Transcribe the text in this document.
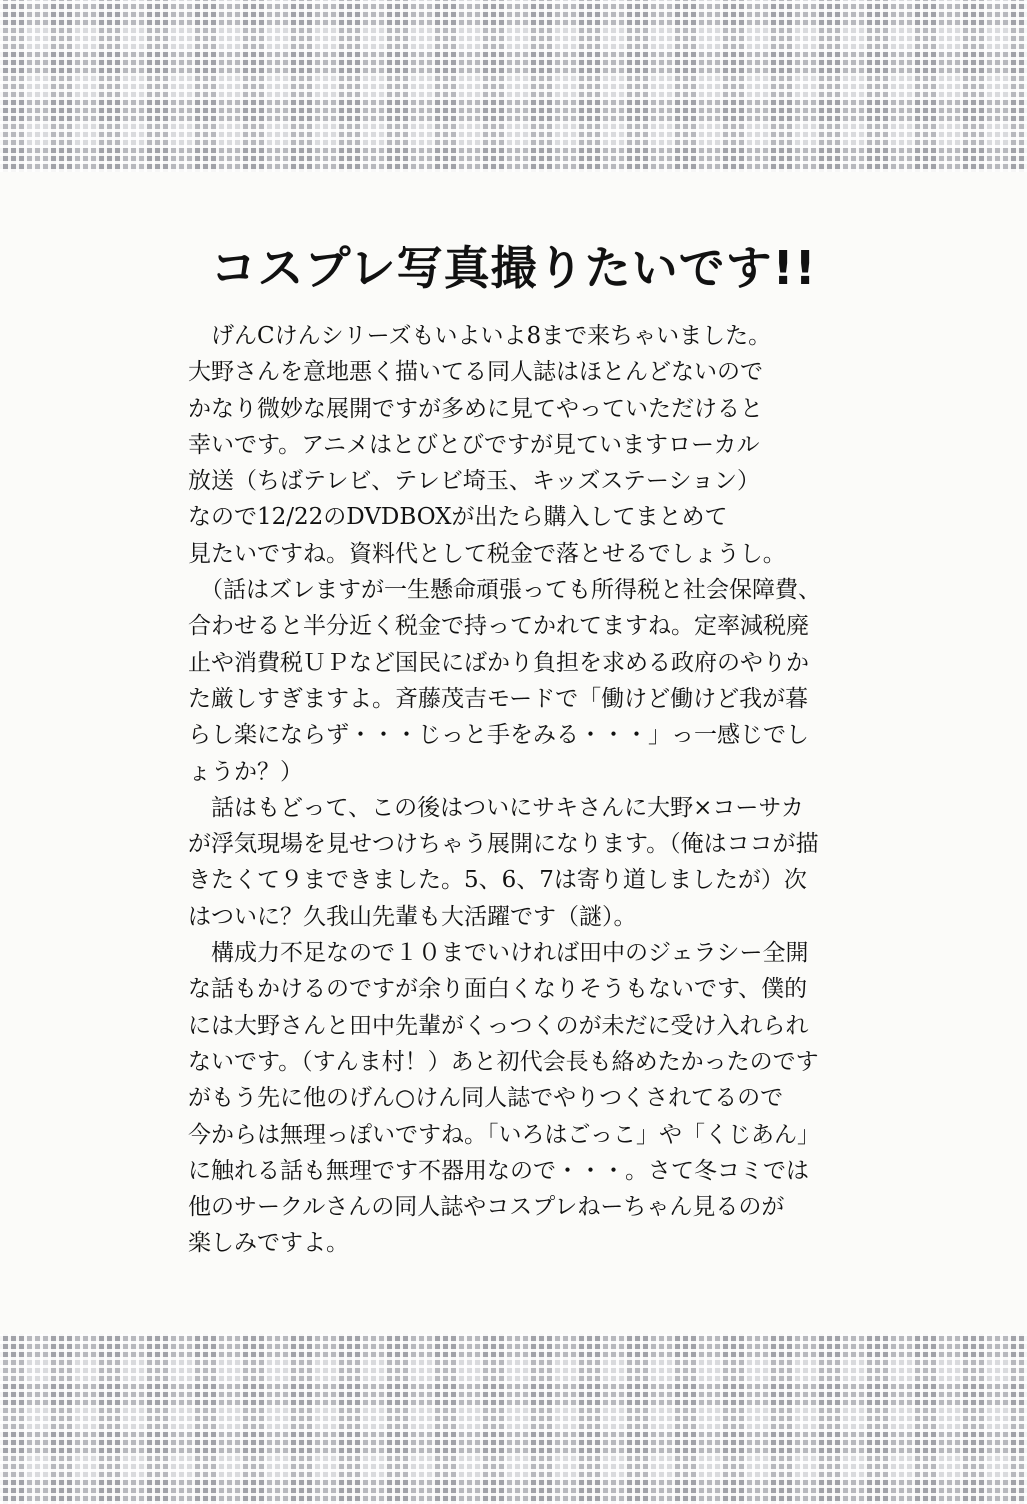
コスプレ写真撮りたいです!!
げんCけんシリーズもいよいよ8まで来ちゃいました。
大野さんを意地悪く描いてる同人誌はほとんどないので
かなり微妙な展開ですが多めに見てやっていただけると
幸いです。アニメはとびとびですが見ていますローカル
放送（ちばテレビ、テレビ埼玉、キッズステーション）
なので12/22のDVDBOXが出たら購入してまとめて
見たいですね。資料代として税金で落とせるでしょうし。
（話はズレますが一生懸命頑張っても所得税と社会保障費、
合わせると半分近く税金で持ってかれてますね。定率減税廃
止や消費税ＵＰなど国民にばかり負担を求める政府のやりか
た厳しすぎますよ。斉藤茂吉モードで「働けど働けど我が暮
らし楽にならず・・・じっと手をみる・・・」っ一感じでし
ょうか？）
話はもどって、この後はついにサキさんに大野×コーサカ
が浮気現場を見せつけちゃう展開になります。（俺はココが描
きたくて９まできました。5、6、7は寄り道しましたが）次
はついに？久我山先輩も大活躍です（謎）。
構成力不足なので１０までいければ田中のジェラシー全開
な話もかけるのですが余り面白くなりそうもないです、僕的
には大野さんと田中先輩がくっつくのが未だに受け入れられ
ないです。（すんま村！）あと初代会長も絡めたかったのです
がもう先に他のげん○けん同人誌でやりつくされてるので
今からは無理っぽいですね。「いろはごっこ」や「くじあん」
に触れる話も無理です不器用なので・・・。さて冬コミでは
他のサークルさんの同人誌やコスプレねーちゃん見るのが
楽しみですよ。
